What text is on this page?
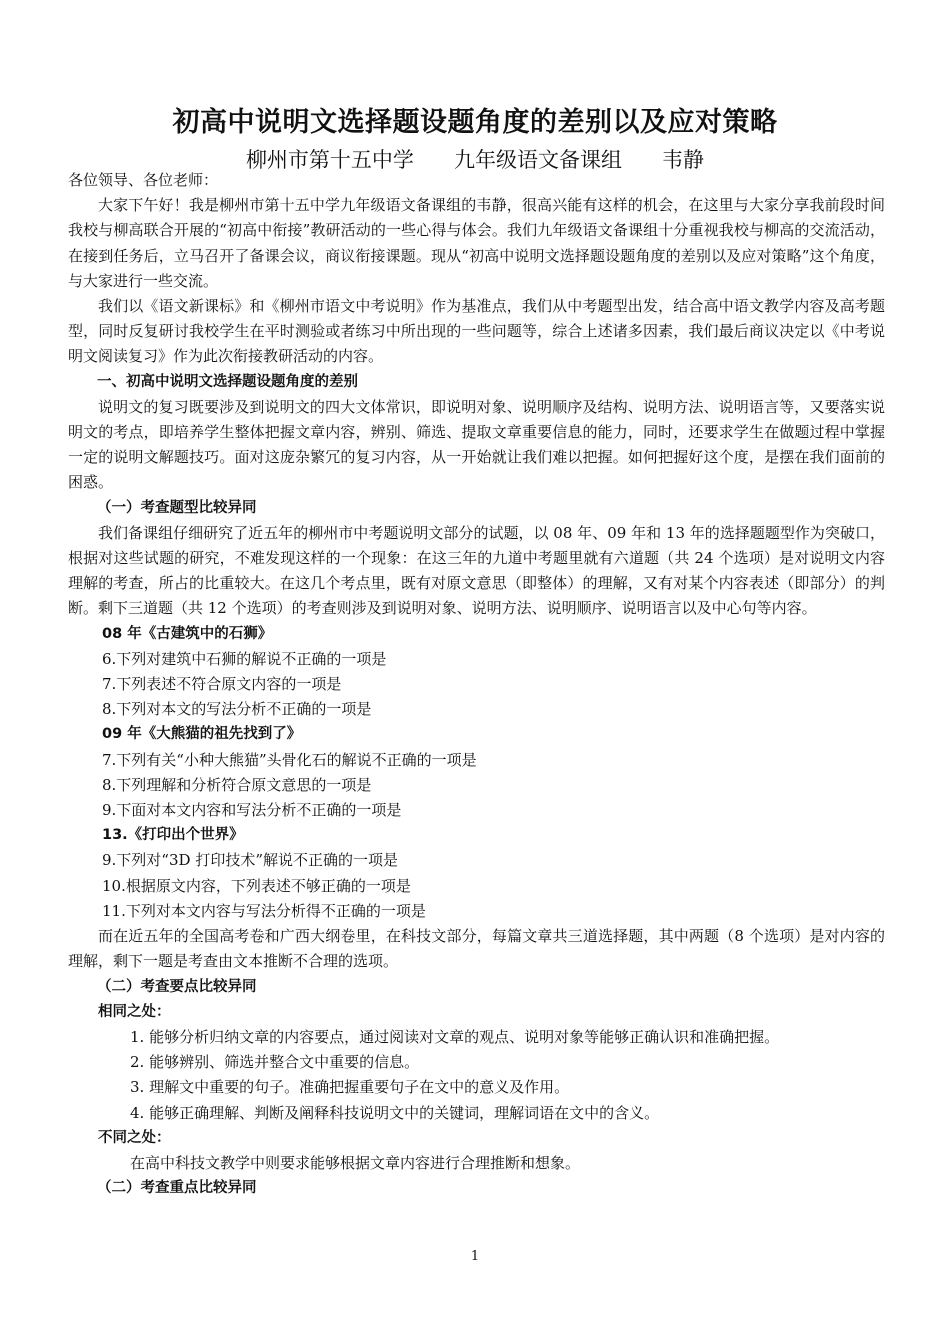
初高中说明文选择题设题角度的差别以及应对策略
柳州市第十五中学      九年级语文备课组      韦静

各位领导、各位老师：

大家下午好！我是柳州市第十五中学九年级语文备课组的韦静，很高兴能有这样的机会，在这里与大家分享我前段时间我校与柳高联合开展的“初高中衔接”教研活动的一些心得与体会。我们九年级语文备课组十分重视我校与柳高的交流活动，在接到任务后，立马召开了备课会议，商议衔接课题。现从“初高中说明文选择题设题角度的差别以及应对策略”这个角度，与大家进行一些交流。

我们以《语文新课标》和《柳州市语文中考说明》作为基准点，我们从中考题型出发，结合高中语文教学内容及高考题型，同时反复研讨我校学生在平时测验或者练习中所出现的一些问题等，综合上述诸多因素，我们最后商议决定以《中考说明文阅读复习》作为此次衔接教研活动的内容。

一、初高中说明文选择题设题角度的差别

说明文的复习既要涉及到说明文的四大文体常识，即说明对象、说明顺序及结构、说明方法、说明语言等，又要落实说明文的考点，即培养学生整体把握文章内容，辨别、筛选、提取文章重要信息的能力，同时，还要求学生在做题过程中掌握一定的说明文解题技巧。面对这庞杂繁冗的复习内容，从一开始就让我们难以把握。如何把握好这个度，是摆在我们面前的困惑。

（一）考查题型比较异同

我们备课组仔细研究了近五年的柳州市中考题说明文部分的试题，以 08 年、09 年和 13 年的选择题题型作为突破口，根据对这些试题的研究，不难发现这样的一个现象：在这三年的九道中考题里就有六道题（共 24 个选项）是对说明文内容理解的考查，所占的比重较大。在这几个考点里，既有对原文意思（即整体）的理解，又有对某个内容表述（即部分）的判断。剩下三道题（共 12 个选项）的考查则涉及到说明对象、说明方法、说明顺序、说明语言以及中心句等内容。

08 年《古建筑中的石狮》

6.下列对建筑中石狮的解说不正确的一项是

7.下列表述不符合原文内容的一项是

8.下列对本文的写法分析不正确的一项是

09 年《大熊猫的祖先找到了》

7.下列有关“小种大熊猫”头骨化石的解说不正确的一项是

8.下列理解和分析符合原文意思的一项是

9.下面对本文内容和写法分析不正确的一项是

13.《打印出个世界》

9.下列对“3D 打印技术”解说不正确的一项是

10.根据原文内容，下列表述不够正确的一项是

11.下列对本文内容与写法分析得不正确的一项是

而在近五年的全国高考卷和广西大纲卷里，在科技文部分，每篇文章共三道选择题，其中两题（8 个选项）是对内容的理解，剩下一题是考查由文本推断不合理的选项。

（二）考查要点比较异同

相同之处：

1. 能够分析归纳文章的内容要点，通过阅读对文章的观点、说明对象等能够正确认识和准确把握。

2. 能够辨别、筛选并整合文中重要的信息。

3. 理解文中重要的句子。准确把握重要句子在文中的意义及作用。

4. 能够正确理解、判断及阐释科技说明文中的关键词，理解词语在文中的含义。

不同之处：

在高中科技文教学中则要求能够根据文章内容进行合理推断和想象。

（二）考查重点比较异同

1
